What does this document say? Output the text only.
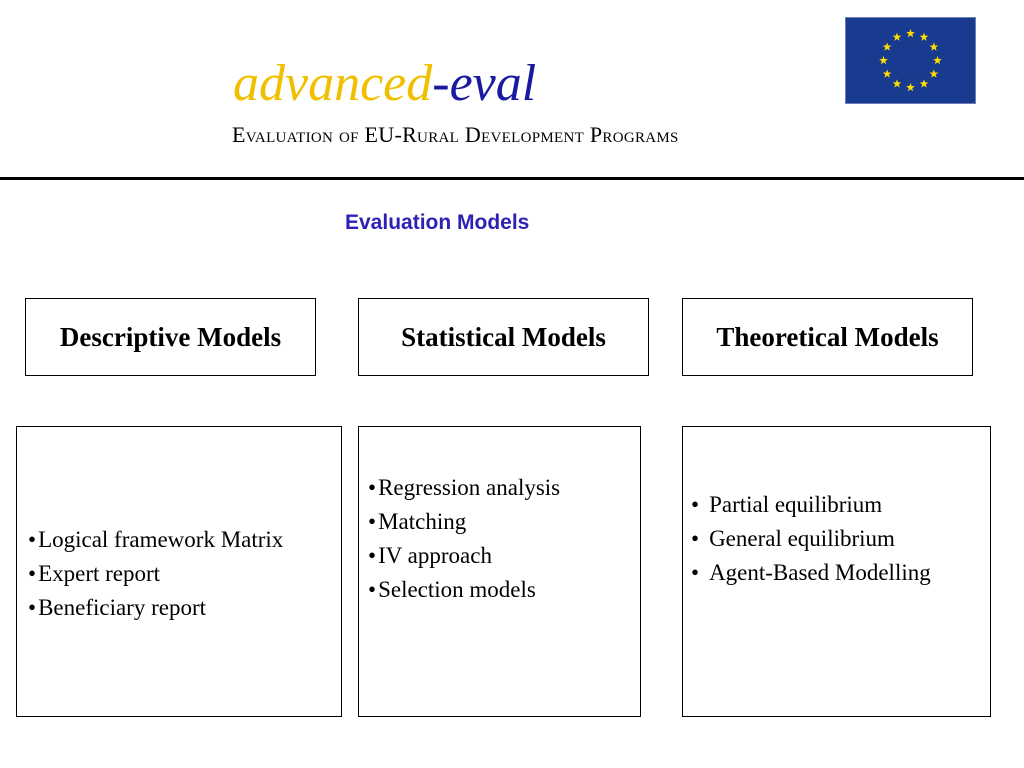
advanced-eval
Evaluation of EU-Rural Development Programs
Evaluation Models
Descriptive Models	Statistical Models	Theoretical Models
•Logical framework Matrix
•Expert report
•Beneficiary report
•Regression analysis
•Matching
•IV approach
•Selection models
• Partial equilibrium
• General equilibrium
• Agent-Based Modelling
